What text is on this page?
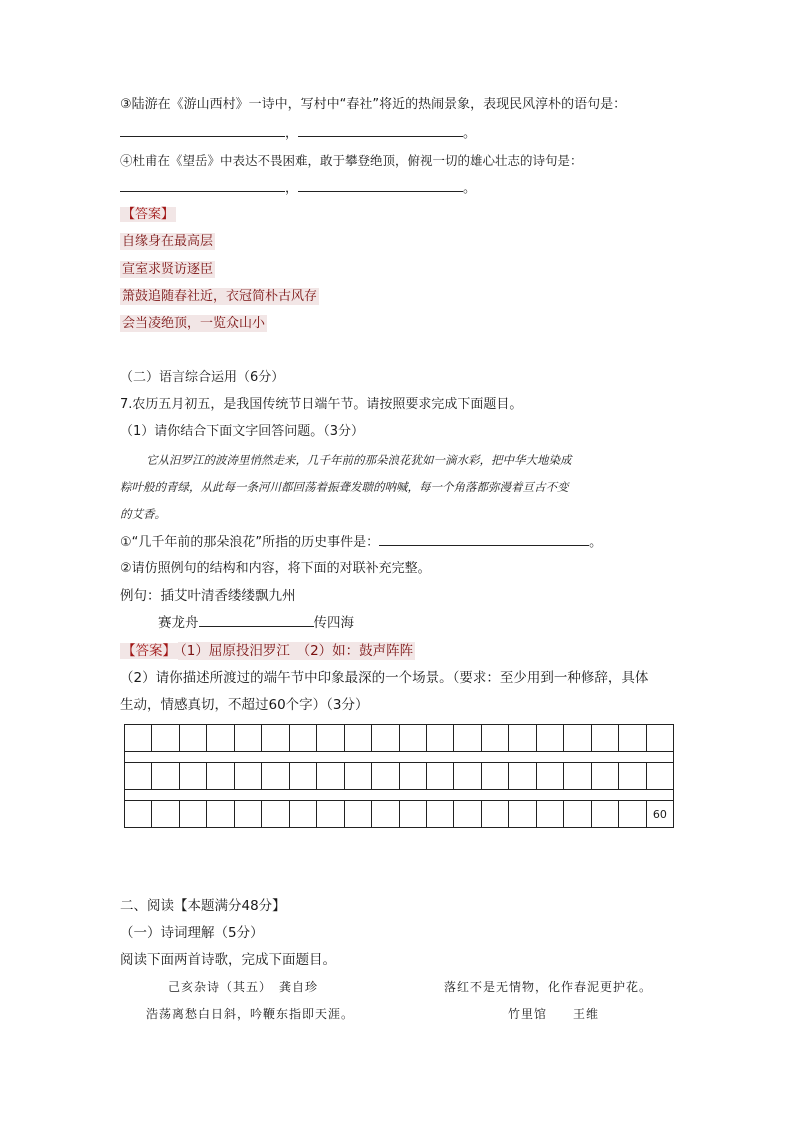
③陆游在《游山西村》一诗中，写村中“春社”将近的热闹景象，表现民风淳朴的语句是：
，	。
④杜甫在《望岳》中表达不畏困难，敢于攀登绝顶，俯视一切的雄心壮志的诗句是：
，	。
【答案】
自缘身在最高层
宣室求贤访逐臣
箫鼓追随春社近，衣冠简朴古风存
会当凌绝顶，一览众山小
（二）语言综合运用（6分）
7.农历五月初五，是我国传统节日端午节。请按照要求完成下面题目。
（1）请你结合下面文字回答问题。（3分）
它从汨罗江的波涛里悄然走来，几千年前的那朵浪花犹如一滴水彩，把中华大地染成
粽叶般的青绿，从此每一条河川都回荡着振聋发聩的呐喊，每一个角落都弥漫着亘古不变
的艾香。
①“几千年前的那朵浪花”所指的历史事件是：	。
②请仿照例句的结构和内容，将下面的对联补充完整。
例句：插艾叶清香缕缕飘九州
赛龙舟	传四海
【答案】 （1）屈原投汨罗江　（2）如：鼓声阵阵
（2）请你描述所渡过的端午节中印象最深的一个场景。（要求：至少用到一种修辞，具体
生动，情感真切，不超过60个字）（3分）
60
二、阅读【本题满分48分】
（一）诗词理解（5分）
阅读下面两首诗歌，完成下面题目。
己亥杂诗（其五）　龚自珍	落红不是无情物，化作春泥更护花。
浩荡离愁白日斜，吟鞭东指即天涯。	竹里馆　　王维
